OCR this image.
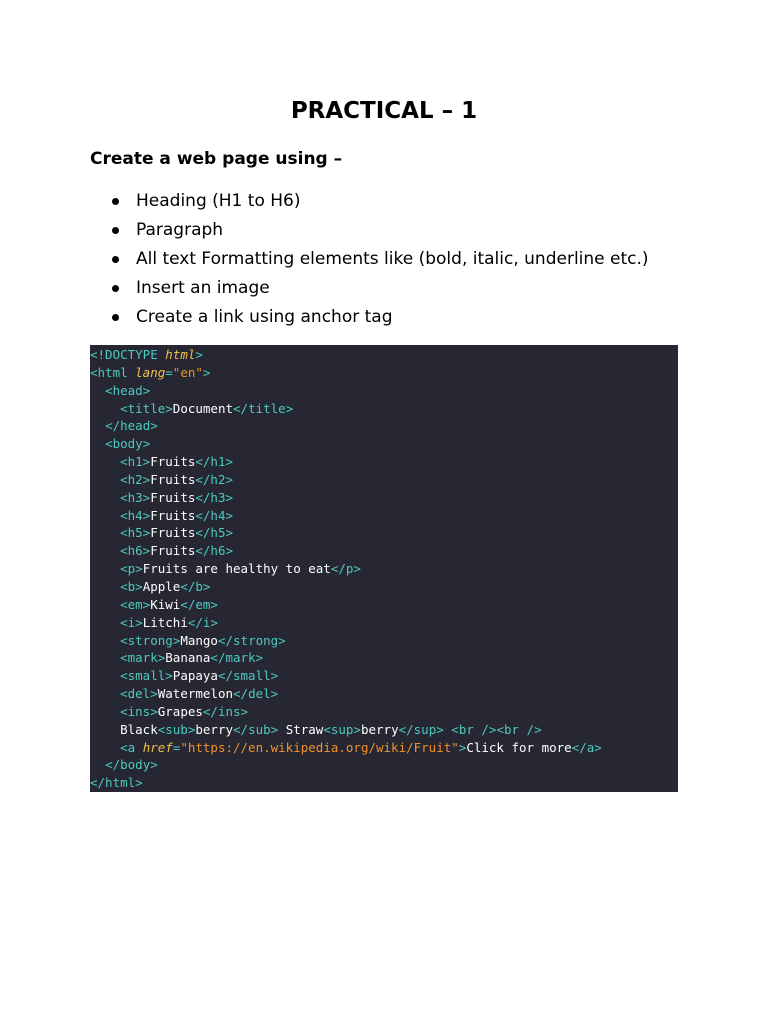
PRACTICAL – 1
Create a web page using –
Heading (H1 to H6)
Paragraph
All text Formatting elements like (bold, italic, underline etc.)
Insert an image
Create a link using anchor tag
<!DOCTYPE html>
<html lang="en">
<head>
<title>Document</title>
</head>
<body>
<h1>Fruits</h1>
<h2>Fruits</h2>
<h3>Fruits</h3>
<h4>Fruits</h4>
<h5>Fruits</h5>
<h6>Fruits</h6>
<p>Fruits are healthy to eat</p>
<b>Apple</b>
<em>Kiwi</em>
<i>Litchi</i>
<strong>Mango</strong>
<mark>Banana</mark>
<small>Papaya</small>
<del>Watermelon</del>
<ins>Grapes</ins>
Black<sub>berry</sub> Straw<sup>berry</sup> <br /><br />
<a href="https://en.wikipedia.org/wiki/Fruit">Click for more</a>
</body>
</html>
